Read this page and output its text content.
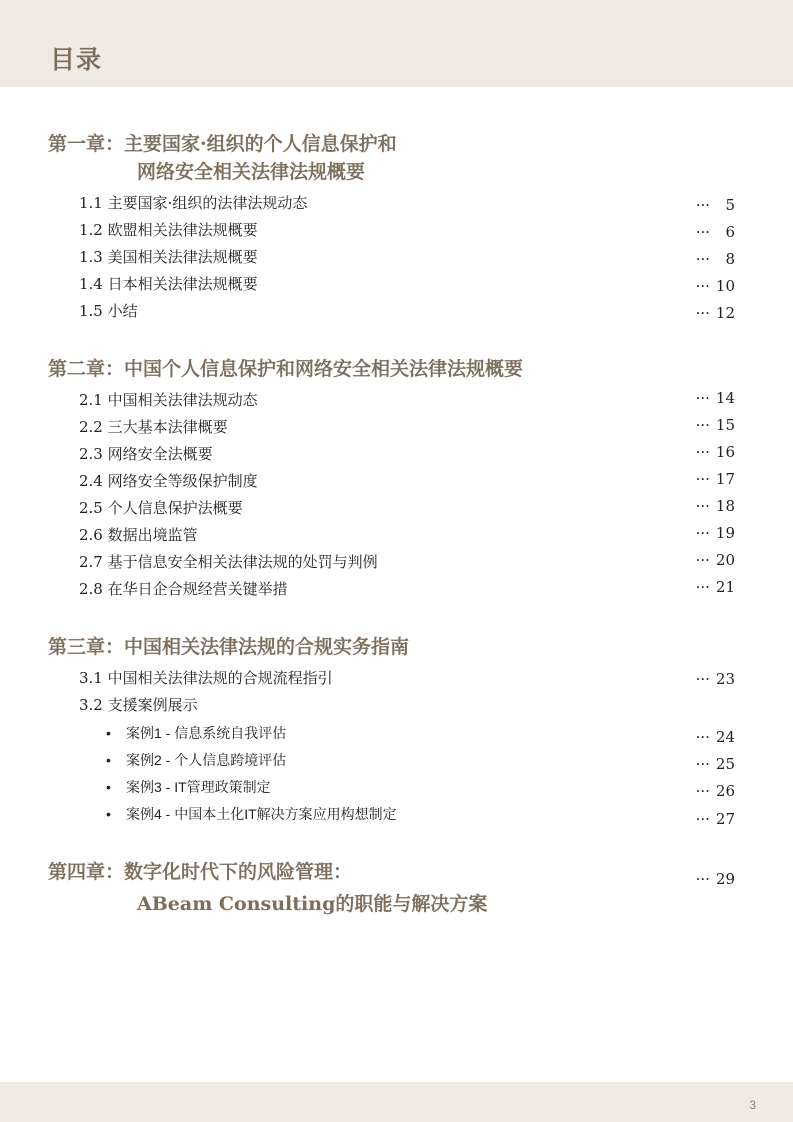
目录
第一章：主要国家·组织的个人信息保护和
网络安全相关法律法规概要
1.1 主要国家·组织的法律法规动态	··· 5
1.2 欧盟相关法律法规概要	··· 6
1.3 美国相关法律法规概要	··· 8
1.4 日本相关法律法规概要	··· 10
1.5 小结	··· 12
第二章：中国个人信息保护和网络安全相关法律法规概要
2.1 中国相关法律法规动态	··· 14
2.2 三大基本法律概要	··· 15
2.3 网络安全法概要	··· 16
2.4 网络安全等级保护制度	··· 17
2.5 个人信息保护法概要	··· 18
2.6 数据出境监管	··· 19
2.7 基于信息安全相关法律法规的处罚与判例	··· 20
2.8 在华日企合规经营关键举措	··· 21
第三章：中国相关法律法规的合规实务指南
3.1 中国相关法律法规的合规流程指引	··· 23
3.2 支援案例展示
• 案例1 - 信息系统自我评估	··· 24
• 案例2 - 个人信息跨境评估	··· 25
• 案例3 - IT管理政策制定	··· 26
• 案例4 - 中国本土化IT解决方案应用构想制定	··· 27
第四章：数字化时代下的风险管理：
ABeam Consulting的职能与解决方案
··· 29
3
